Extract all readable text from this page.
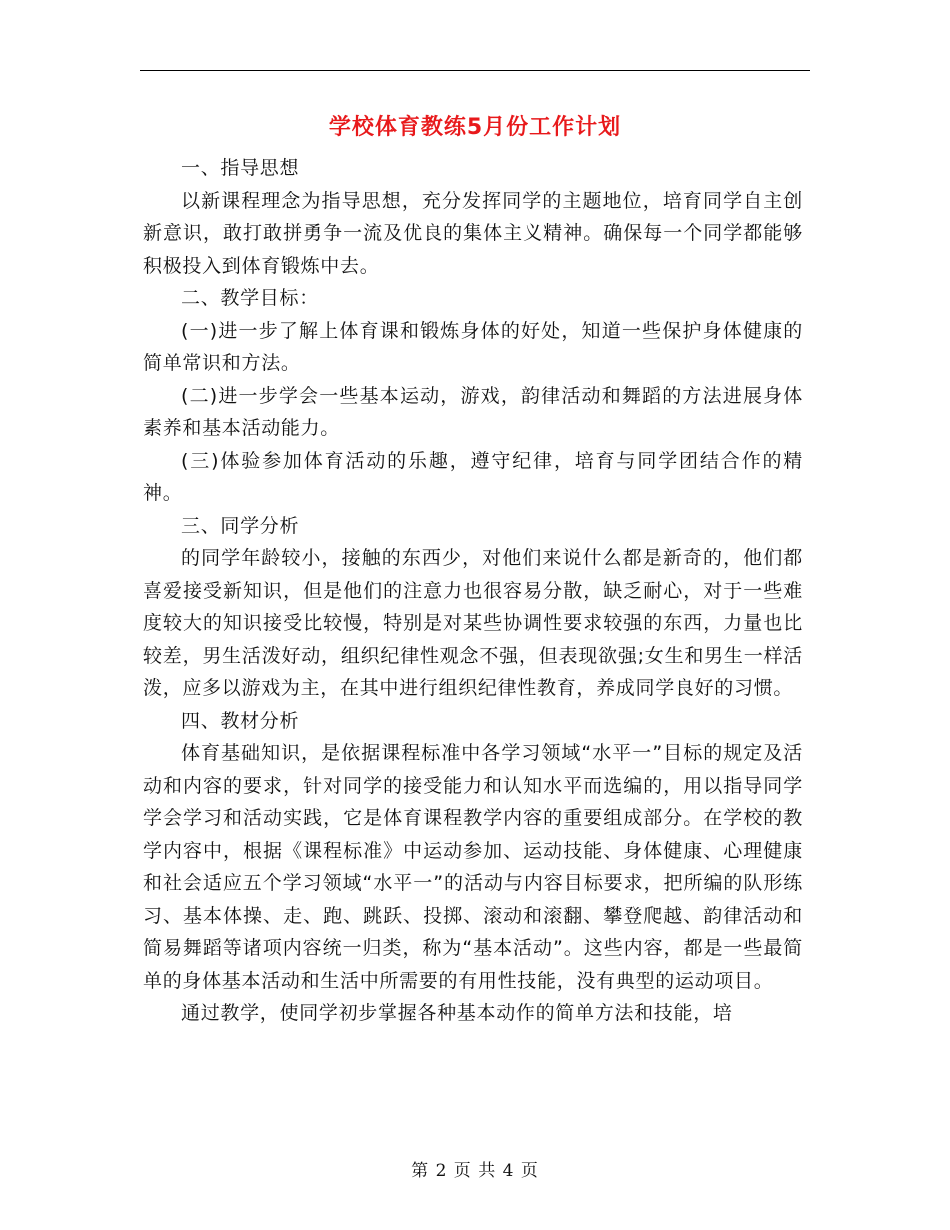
学校体育教练5月份工作计划

一、指导思想

以新课程理念为指导思想，充分发挥同学的主题地位，培育同学自主创新意识，敢打敢拼勇争一流及优良的集体主义精神。确保每一个同学都能够积极投入到体育锻炼中去。

二、教学目标：

(一)进一步了解上体育课和锻炼身体的好处，知道一些保护身体健康的简单常识和方法。

(二)进一步学会一些基本运动，游戏，韵律活动和舞蹈的方法进展身体素养和基本活动能力。

(三)体验参加体育活动的乐趣，遵守纪律，培育与同学团结合作的精神。

三、同学分析

的同学年龄较小，接触的东西少，对他们来说什么都是新奇的，他们都喜爱接受新知识，但是他们的注意力也很容易分散，缺乏耐心，对于一些难度较大的知识接受比较慢，特别是对某些协调性要求较强的东西，力量也比较差，男生活泼好动，组织纪律性观念不强，但表现欲强;女生和男生一样活泼，应多以游戏为主，在其中进行组织纪律性教育，养成同学良好的习惯。

四、教材分析

体育基础知识，是依据课程标准中各学习领域“水平一”目标的规定及活动和内容的要求，针对同学的接受能力和认知水平而选编的，用以指导同学学会学习和活动实践，它是体育课程教学内容的重要组成部分。在学校的教学内容中，根据《课程标准》中运动参加、运动技能、身体健康、心理健康和社会适应五个学习领域“水平一”的活动与内容目标要求，把所编的队形练习、基本体操、走、跑、跳跃、投掷、滚动和滚翻、攀登爬越、韵律活动和简易舞蹈等诸项内容统一归类，称为“基本活动”。这些内容，都是一些最简单的身体基本活动和生活中所需要的有用性技能，没有典型的运动项目。

通过教学，使同学初步掌握各种基本动作的简单方法和技能，培

第 2 页 共 4 页
